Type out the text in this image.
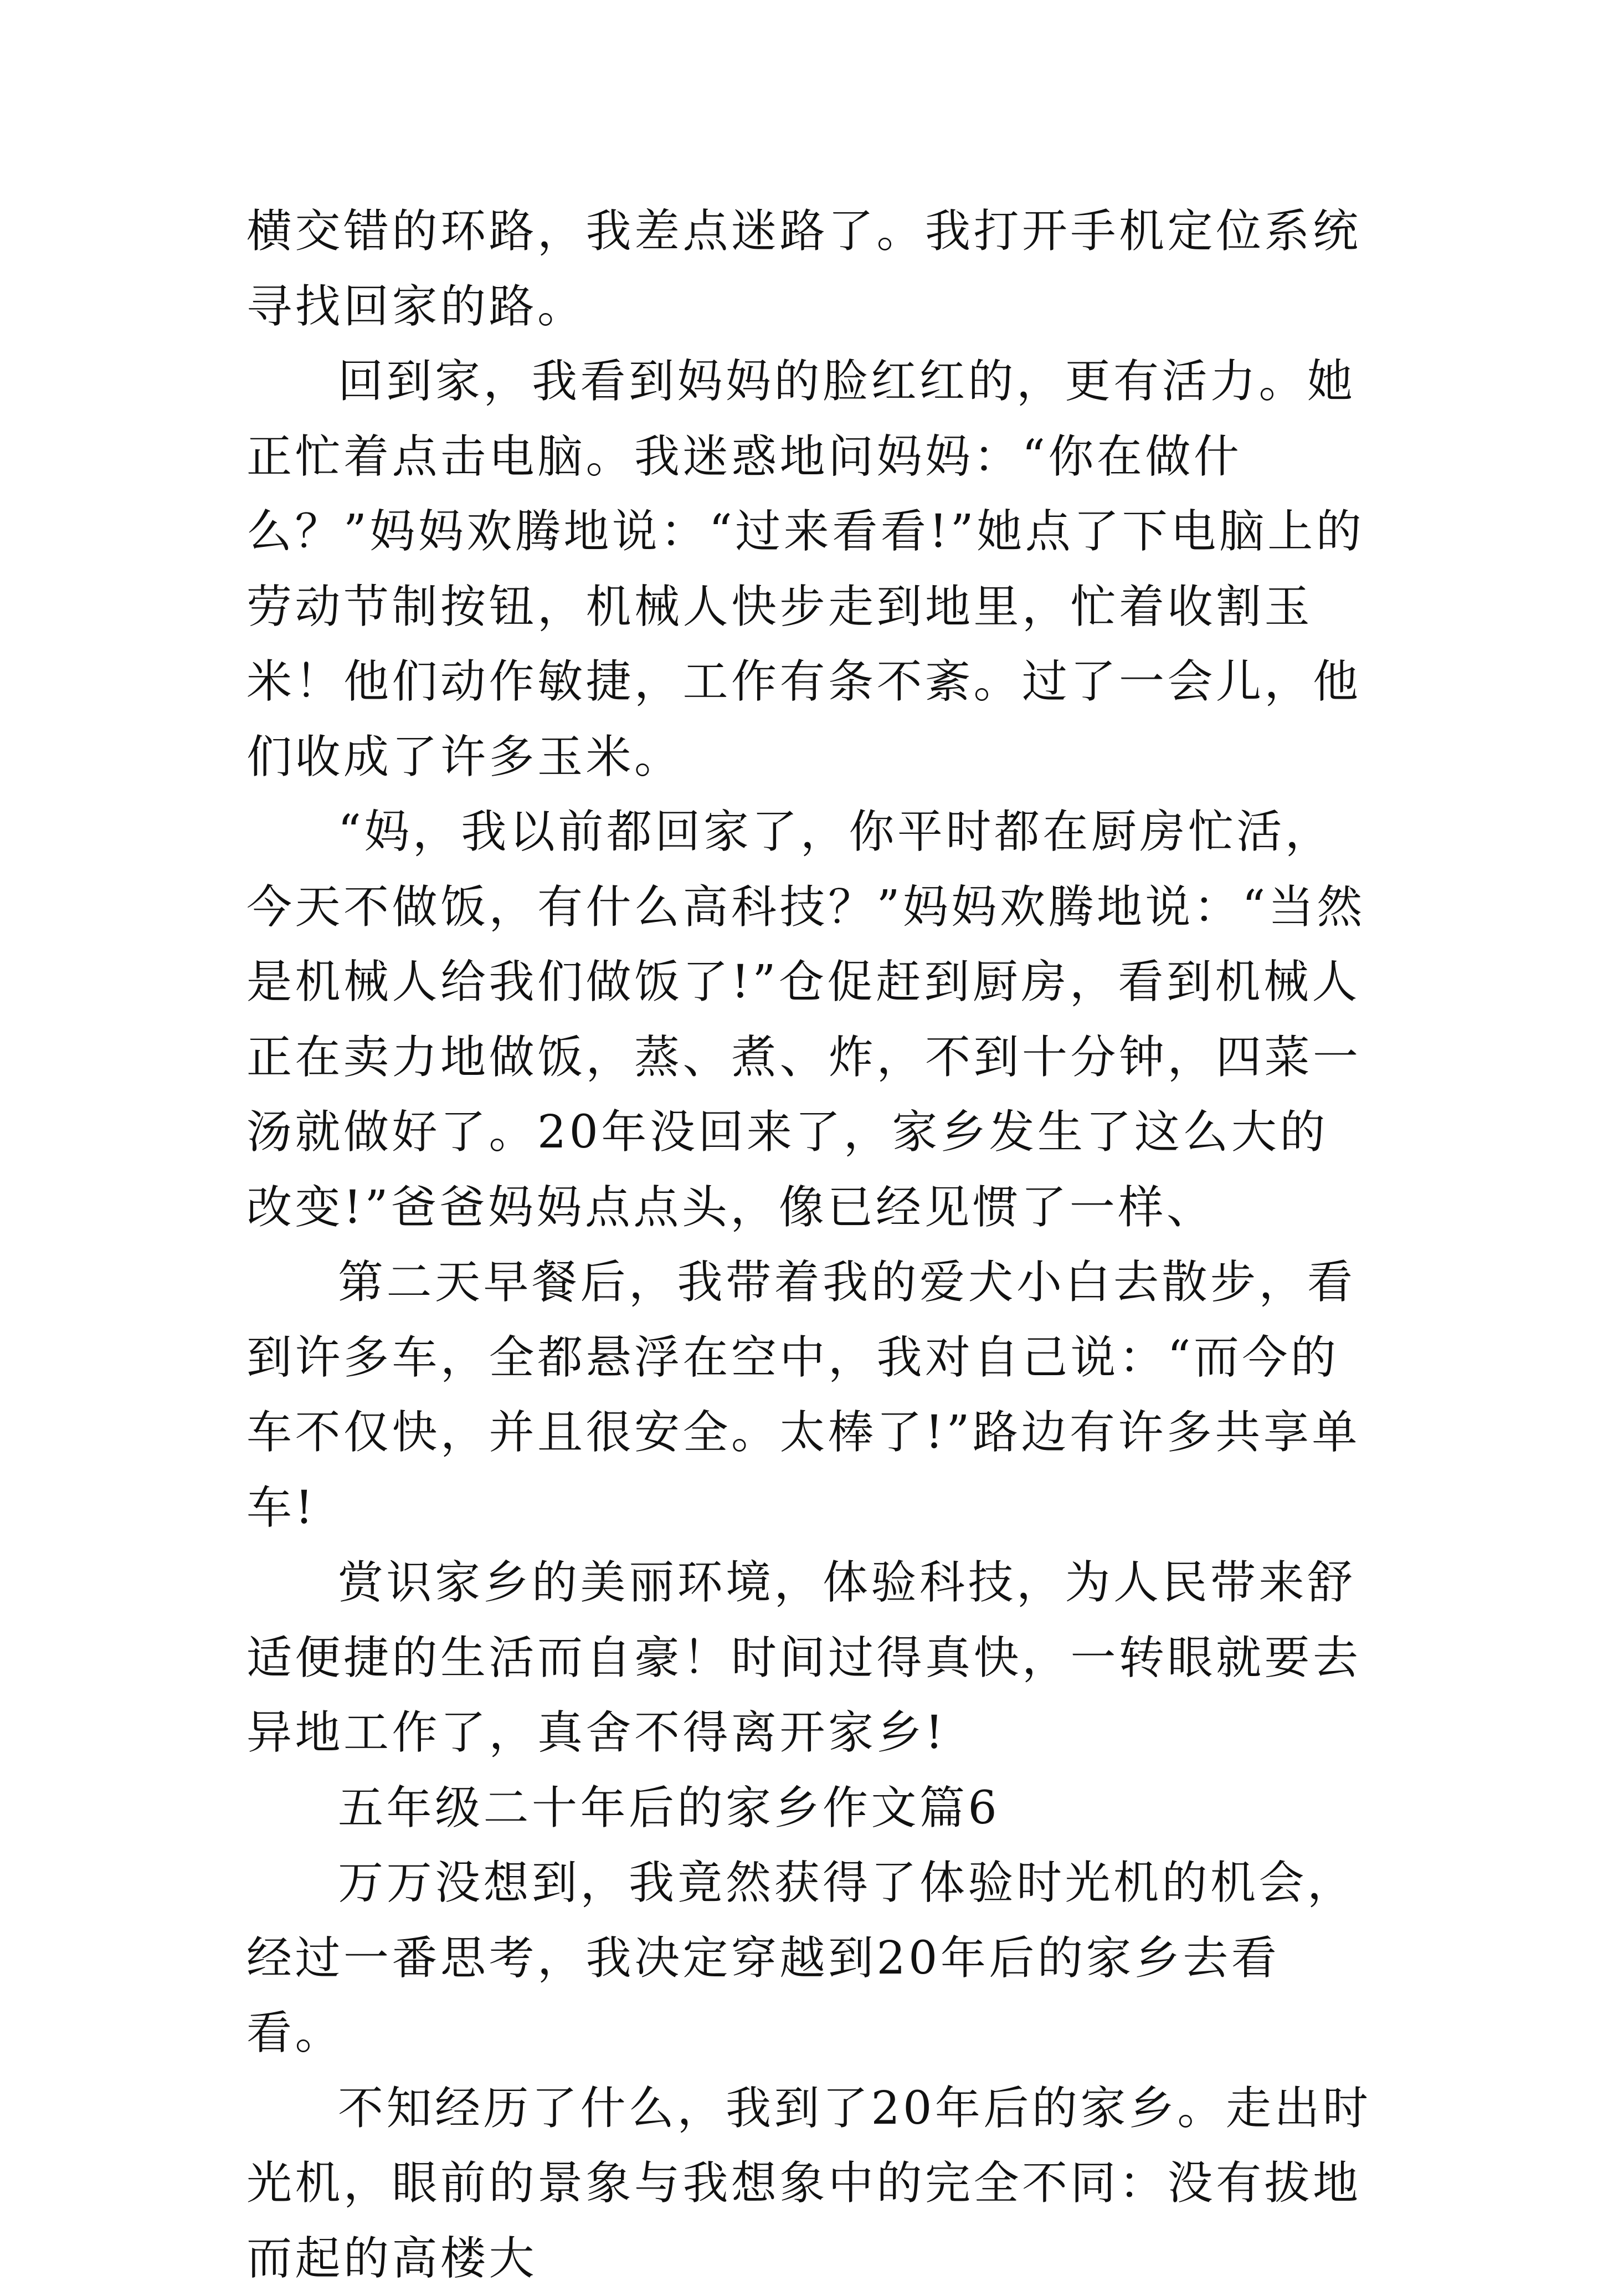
横交错的环路，我差点迷路了。我打开手机定位系统寻找回家的路。

回到家，我看到妈妈的脸红红的，更有活力。她正忙着点击电脑。我迷惑地问妈妈：“你在做什么？”妈妈欢腾地说：“过来看看!”她点了下电脑上的劳动节制按钮，机械人快步走到地里，忙着收割玉米！他们动作敏捷，工作有条不紊。过了一会儿，他们收成了许多玉米。

“妈，我以前都回家了，你平时都在厨房忙活，今天不做饭，有什么高科技？”妈妈欢腾地说：“当然是机械人给我们做饭了!”仓促赶到厨房，看到机械人正在卖力地做饭，蒸、煮、炸，不到十分钟，四菜一汤就做好了。20年没回来了，家乡发生了这么大的改变!”爸爸妈妈点点头，像已经见惯了一样、

第二天早餐后，我带着我的爱犬小白去散步，看到许多车，全都悬浮在空中，我对自己说：“而今的车不仅快，并且很安全。太棒了!”路边有许多共享单车!

赏识家乡的美丽环境，体验科技，为人民带来舒适便捷的生活而自豪！时间过得真快，一转眼就要去异地工作了，真舍不得离开家乡!

五年级二十年后的家乡作文篇6

万万没想到，我竟然获得了体验时光机的机会，经过一番思考，我决定穿越到20年后的家乡去看看。

不知经历了什么，我到了20年后的家乡。走出时光机，眼前的景象与我想象中的完全不同：没有拔地而起的高楼大
